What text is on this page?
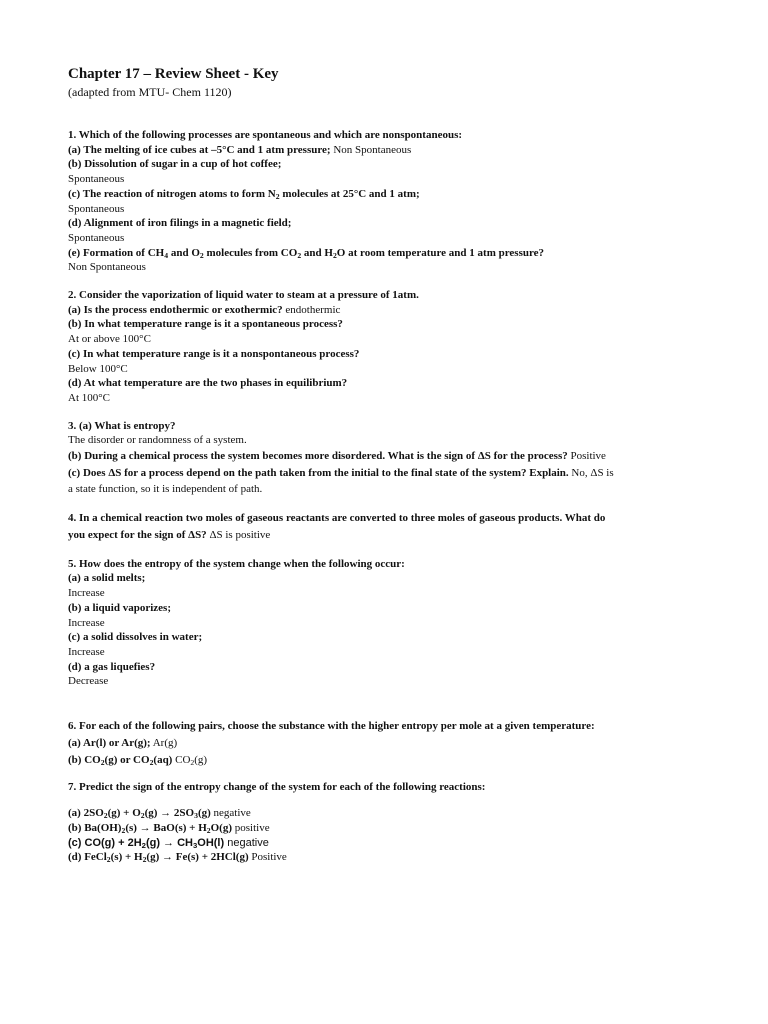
Chapter 17 – Review Sheet - Key

(adapted from MTU- Chem 1120)

1. Which of the following processes are spontaneous and which are nonspontaneous:

(a) The melting of ice cubes at –5°C and 1 atm pressure; Non Spontaneous

(b) Dissolution of sugar in a cup of hot coffee;

Spontaneous

(c) The reaction of nitrogen atoms to form $N_2$ molecules at 25°C and 1 atm;

Spontaneous

(d) Alignment of iron filings in a magnetic field;

Spontaneous

(e) Formation of $CH_4$ and $O_2$ molecules from $CO_2$ and $H_2O$ at room temperature and 1 atm pressure?

Non Spontaneous

2. Consider the vaporization of liquid water to steam at a pressure of 1atm.

(a) Is the process endothermic or exothermic? endothermic

(b) In what temperature range is it a spontaneous process?

At or above 100°C

(c) In what temperature range is it a nonspontaneous process?

Below 100°C

(d) At what temperature are the two phases in equilibrium?

At 100°C

3. (a) What is entropy?

The disorder or randomness of a system.

(b) During a chemical process the system becomes more disordered. What is the sign of ΔS for the process? Positive

(c) Does ΔS for a process depend on the path taken from the initial to the final state of the system? Explain. No, ΔS is

a state function, so it is independent of path.

4. In a chemical reaction two moles of gaseous reactants are converted to three moles of gaseous products. What do

you expect for the sign of ΔS? ΔS is positive

5. How does the entropy of the system change when the following occur:

(a) a solid melts;

Increase

(b) a liquid vaporizes;

Increase

(c) a solid dissolves in water;

Increase

(d) a gas liquefies?

Decrease

6. For each of the following pairs, choose the substance with the higher entropy per mole at a given temperature:

(a) Ar(l) or Ar(g); Ar(g)

(b) $CO_2(g)$ or $CO_2(aq)$ $CO_2(g)$

7. Predict the sign of the entropy change of the system for each of the following reactions:

(a) $2SO_2(g) + O_2(g) \to 2SO_3(g)$ negative

(b) $Ba(OH)_2(s) \to BaO(s) + H_2O(g)$ positive

(c) $CO(g) + 2H_2(g) \to CH_3OH(l)$ negative

(d) FeCl$_2$(s) + $H_2(g) \to Fe(s) + 2HCl(g)$ Positive
